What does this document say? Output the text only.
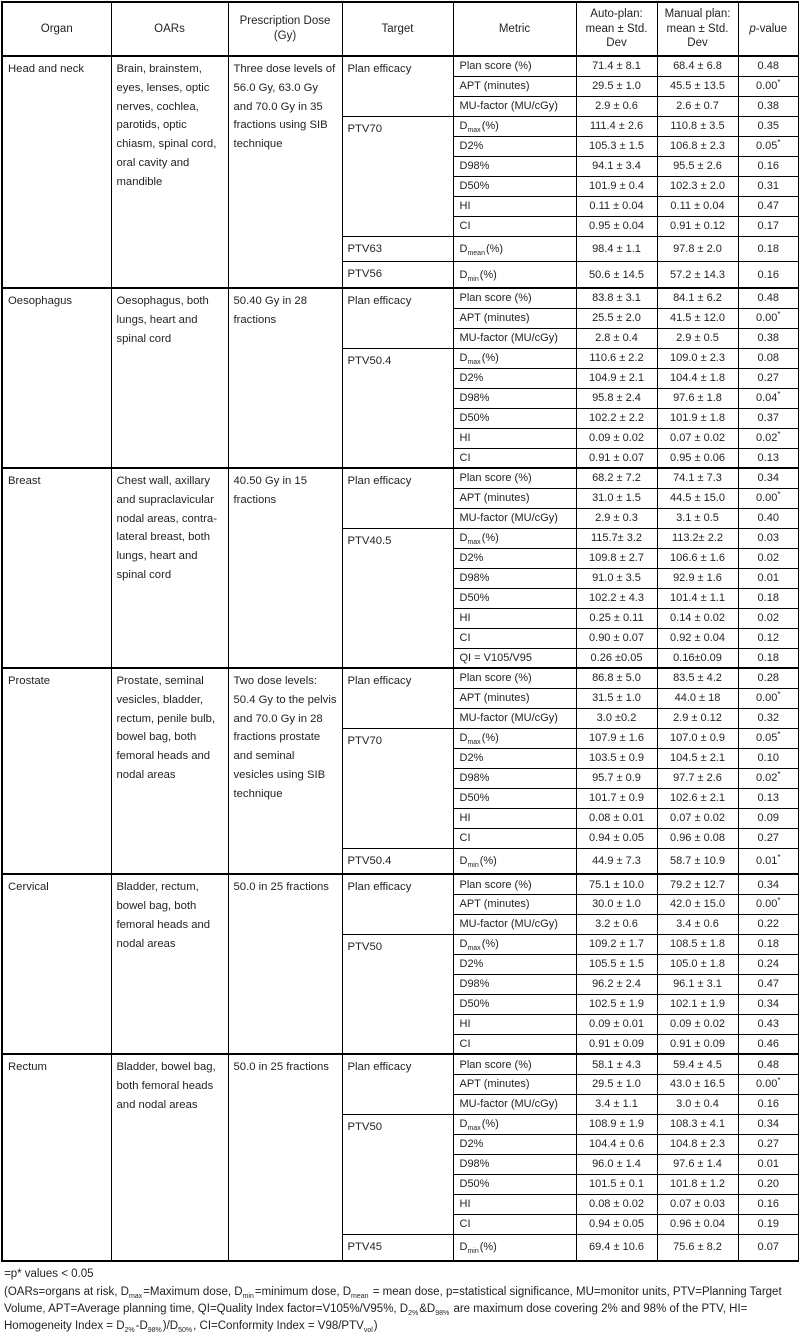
Organ	OARs	Prescription Dose (Gy)	Target	Metric	Auto-plan: mean ± Std. Dev	Manual plan: mean ± Std. Dev	p-value
Head and neck	Brain, brainstem, eyes, lenses, optic nerves, cochlea, parotids, optic chiasm, spinal cord, oral cavity and mandible	Three dose levels of 56.0 Gy, 63.0 Gy and 70.0 Gy in 35 fractions using SIB technique	Plan efficacy	Plan score (%)	71.4 ± 8.1	68.4 ± 6.8	0.48
				APT (minutes)	29.5 ± 1.0	45.5 ± 13.5	0.00*
				MU-factor (MU/cGy)	2.9 ± 0.6	2.6 ± 0.7	0.38
			PTV70	$D_{max}(\%)$	111.4 ± 2.6	110.8 ± 3.5	0.35
				D2%	105.3 ± 1.5	106.8 ± 2.3	0.05*
				D98%	94.1 ± 3.4	95.5 ± 2.6	0.16
				D50%	101.9 ± 0.4	102.3 ± 2.0	0.31
				HI	0.11 ± 0.04	0.11 ± 0.04	0.47
				CI	0.95 ± 0.04	0.91 ± 0.12	0.17
			PTV63	$D_{mean}(\%)$	98.4 ± 1.1	97.8 ± 2.0	0.18
			PTV56	$D_{min}(\%)$	50.6 ± 14.5	57.2 ± 14.3	0.16
Oesophagus	Oesophagus, both lungs, heart and spinal cord	50.40 Gy in 28 fractions	Plan efficacy	Plan score (%)	83.8 ± 3.1	84.1 ± 6.2	0.48
				APT (minutes)	25.5 ± 2.0	41.5 ± 12.0	0.00*
				MU-factor (MU/cGy)	2.8 ± 0.4	2.9 ± 0.5	0.38
			PTV50.4	$D_{max}(\%)$	110.6 ± 2.2	109.0 ± 2.3	0.08
				D2%	104.9 ± 2.1	104.4 ± 1.8	0.27
				D98%	95.8 ± 2.4	97.6 ± 1.8	0.04*
				D50%	102.2 ± 2.2	101.9 ± 1.8	0.37
				HI	0.09 ± 0.02	0.07 ± 0.02	0.02*
				CI	0.91 ± 0.07	0.95 ± 0.06	0.13
Breast	Chest wall, axillary and supraclavicular nodal areas, contra-lateral breast, both lungs, heart and spinal cord	40.50 Gy in 15 fractions	Plan efficacy	Plan score (%)	68.2 ± 7.2	74.1 ± 7.3	0.34
				APT (minutes)	31.0 ± 1.5	44.5 ± 15.0	0.00*
				MU-factor (MU/cGy)	2.9 ± 0.3	3.1 ± 0.5	0.40
			PTV40.5	$D_{max}(\%)$	115.7± 3.2	113.2± 2.2	0.03
				D2%	109.8 ± 2.7	106.6 ± 1.6	0.02
				D98%	91.0 ± 3.5	92.9 ± 1.6	0.01
				D50%	102.2 ± 4.3	101.4 ± 1.1	0.18
				HI	0.25 ± 0.11	0.14 ± 0.02	0.02
				CI	0.90 ± 0.07	0.92 ± 0.04	0.12
				QI = V105/V95	0.26 ±0.05	0.16±0.09	0.18
Prostate	Prostate, seminal vesicles, bladder, rectum, penile bulb, bowel bag, both femoral heads and nodal areas	Two dose levels: 50.4 Gy to the pelvis and 70.0 Gy in 28 fractions prostate and seminal vesicles using SIB technique	Plan efficacy	Plan score (%)	86.8 ± 5.0	83.5 ± 4.2	0.28
				APT (minutes)	31.5 ± 1.0	44.0 ± 18	0.00*
				MU-factor (MU/cGy)	3.0 ±0.2	2.9 ± 0.12	0.32
			PTV70	$D_{max}(\%)$	107.9 ± 1.6	107.0 ± 0.9	0.05*
				D2%	103.5 ± 0.9	104.5 ± 2.1	0.10
				D98%	95.7 ± 0.9	97.7 ± 2.6	0.02*
				D50%	101.7 ± 0.9	102.6 ± 2.1	0.13
				HI	0.08 ± 0.01	0.07 ± 0.02	0.09
				CI	0.94 ± 0.05	0.96 ± 0.08	0.27
			PTV50.4	$D_{min}(\%)$	44.9 ± 7.3	58.7 ± 10.9	0.01*
Cervical	Bladder, rectum, bowel bag, both femoral heads and nodal areas	50.0 in 25 fractions	Plan efficacy	Plan score (%)	75.1 ± 10.0	79.2 ± 12.7	0.34
				APT (minutes)	30.0 ± 1.0	42.0 ± 15.0	0.00*
				MU-factor (MU/cGy)	3.2 ± 0.6	3.4 ± 0.6	0.22
			PTV50	$D_{max}(\%)$	109.2 ± 1.7	108.5 ± 1.8	0.18
				D2%	105.5 ± 1.5	105.0 ± 1.8	0.24
				D98%	96.2 ± 2.4	96.1 ± 3.1	0.47
				D50%	102.5 ± 1.9	102.1 ± 1.9	0.34
				HI	0.09 ± 0.01	0.09 ± 0.02	0.43
				CI	0.91 ± 0.09	0.91 ± 0.09	0.46
Rectum	Bladder, bowel bag, both femoral heads and nodal areas	50.0 in 25 fractions	Plan efficacy	Plan score (%)	58.1 ± 4.3	59.4 ± 4.5	0.48
				APT (minutes)	29.5 ± 1.0	43.0 ± 16.5	0.00*
				MU-factor (MU/cGy)	3.4 ± 1.1	3.0 ± 0.4	0.16
			PTV50	$D_{max}(\%)$	108.9 ± 1.9	108.3 ± 4.1	0.34
				D2%	104.4 ± 0.6	104.8 ± 2.3	0.27
				D98%	96.0 ± 1.4	97.6 ± 1.4	0.01
				D50%	101.5 ± 0.1	101.8 ± 1.2	0.20
				HI	0.08 ± 0.02	0.07 ± 0.03	0.16
				CI	0.94 ± 0.05	0.96 ± 0.04	0.19
			PTV45	$D_{min}(\%)$	69.4 ± 10.6	75.6 ± 8.2	0.07
=p* values < 0.05
(OARs=organs at risk, $D_{max}=Maximum$ dose, $D_{min}=minimum$ dose, $D_{mean}$ = mean dose, p=statistical significance, MU=monitor units, PTV=Planning Target Volume, APT=Average planning time, QI=Quality Index factor=V105%/V95%, $D_{2\%}\&D_{98\%}$ are maximum dose covering 2% and 98% of the PTV, HI= Homogeneity Index = $D_{2\%}-D_{98\%})/D_{50\%}$, CI=Conformity Index = $V98/PTV_{vol}$)
